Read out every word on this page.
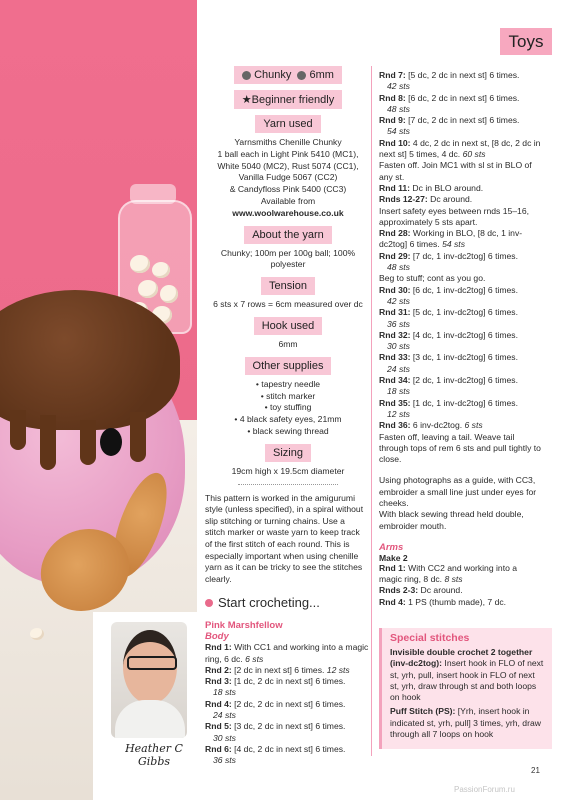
Heather C Gibbs
Toys
Chunky 6mm
★Beginner friendly
Yarn used
Yarnsmiths Chenille Chunky
1 ball each in Light Pink 5410 (MC1),
White 5040 (MC2), Rust 5074 (CC1),
Vanilla Fudge 5067 (CC2)
& Candyfloss Pink 5400 (CC3)
Available from
www.woolwarehouse.co.uk
About the yarn
Chunky; 100m per 100g ball; 100% polyester
Tension
6 sts x 7 rows = 6cm measured over dc
Hook used
6mm
Other supplies
• tapestry needle
• stitch marker
• toy stuffing
• 4 black safety eyes, 21mm
• black sewing thread
Sizing
19cm high x 19.5cm diameter
This pattern is worked in the amigurumi style (unless specified), in a spiral without slip stitching or turning chains. Use a stitch marker or waste yarn to keep track of the first stitch of each round. This is especially important when using chenille yarn as it can be tricky to see the stitches clearly.
Start crocheting...
Pink Marshfellow
Body
Rnd 1: With CC1 and working into a magic ring, 6 dc. 6 sts
Rnd 2: [2 dc in next st] 6 times. 12 sts
Rnd 3: [1 dc, 2 dc in next st] 6 times.
18 sts
Rnd 4: [2 dc, 2 dc in next st] 6 times.
24 sts
Rnd 5: [3 dc, 2 dc in next st] 6 times.
30 sts
Rnd 6: [4 dc, 2 dc in next st] 6 times.
36 sts
Rnd 7: [5 dc, 2 dc in next st] 6 times.
42 sts
Rnd 8: [6 dc, 2 dc in next st] 6 times.
48 sts
Rnd 9: [7 dc, 2 dc in next st] 6 times.
54 sts
Rnd 10: 4 dc, 2 dc in next st, [8 dc, 2 dc in next st] 5 times, 4 dc. 60 sts
Fasten off. Join MC1 with sl st in BLO of any st.
Rnd 11: Dc in BLO around.
Rnds 12-27: Dc around.
Insert safety eyes between rnds 15–16, approximately 5 sts apart.
Rnd 28: Working in BLO, [8 dc, 1 inv-dc2tog] 6 times. 54 sts
Rnd 29: [7 dc, 1 inv-dc2tog] 6 times.
48 sts
Beg to stuff; cont as you go.
Rnd 30: [6 dc, 1 inv-dc2tog] 6 times.
42 sts
Rnd 31: [5 dc, 1 inv-dc2tog] 6 times.
36 sts
Rnd 32: [4 dc, 1 inv-dc2tog] 6 times.
30 sts
Rnd 33: [3 dc, 1 inv-dc2tog] 6 times.
24 sts
Rnd 34: [2 dc, 1 inv-dc2tog] 6 times.
18 sts
Rnd 35: [1 dc, 1 inv-dc2tog] 6 times.
12 sts
Rnd 36: 6 inv-dc2tog. 6 sts
Fasten off, leaving a tail. Weave tail through tops of rem 6 sts and pull tightly to close.
Using photographs as a guide, with CC3, embroider a small line just under eyes for cheeks.
With black sewing thread held double, embroider mouth.
Arms
Make 2
Rnd 1: With CC2 and working into a magic ring, 8 dc. 8 sts
Rnds 2-3: Dc around.
Rnd 4: 1 PS (thumb made), 7 dc.
Special stitches

Invisible double crochet 2 together (inv-dc2tog): Insert hook in FLO of next st, yrh, pull, insert hook in FLO of next st, yrh, draw through st and both loops on hook

Puff Stitch (PS): [Yrh, insert hook in indicated st, yrh, pull] 3 times, yrh, draw through all 7 loops on hook

21
PassionForum.ru
